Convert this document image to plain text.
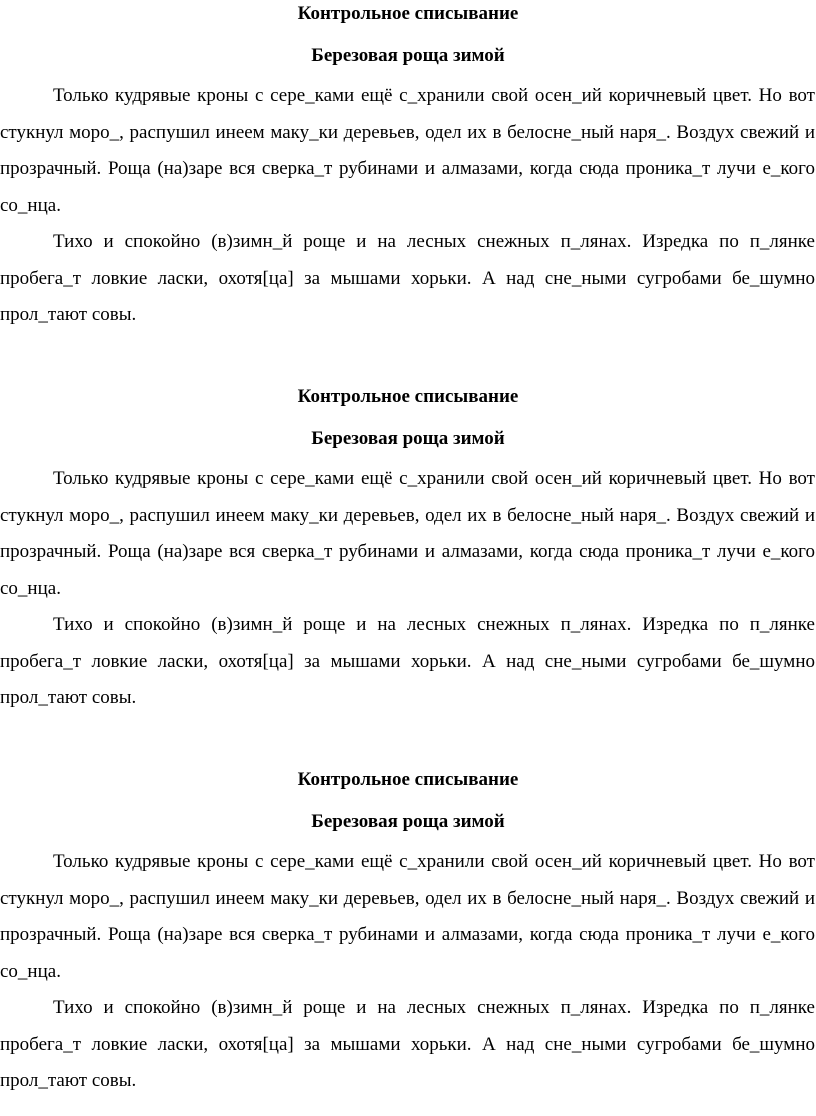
Контрольное списывание
Березовая роща зимой

Только кудрявые кроны с сере_ками ещё с_хранили свой осен_ий коричневый цвет. Но вот стукнул моро_, распушил инеем маку_ки деревьев, одел их в белосне_ный наря_. Воздух свежий и прозрачный. Роща (на)заре вся сверка_т рубинами и алмазами, когда сюда проника_т лучи е_кого со_нца.

Тихо и спокойно (в)зимн_й роще и на лесных снежных п_лянах. Изредка по п_лянке пробега_т ловкие ласки, охотя[ца] за мышами хорьки. А над сне_ными сугробами бе_шумно прол_тают совы.

Контрольное списывание
Березовая роща зимой

Только кудрявые кроны с сере_ками ещё с_хранили свой осен_ий коричневый цвет. Но вот стукнул моро_, распушил инеем маку_ки деревьев, одел их в белосне_ный наря_. Воздух свежий и прозрачный. Роща (на)заре вся сверка_т рубинами и алмазами, когда сюда проника_т лучи е_кого со_нца.

Тихо и спокойно (в)зимн_й роще и на лесных снежных п_лянах. Изредка по п_лянке пробега_т ловкие ласки, охотя[ца] за мышами хорьки. А над сне_ными сугробами бе_шумно прол_тают совы.

Контрольное списывание
Березовая роща зимой

Только кудрявые кроны с сере_ками ещё с_хранили свой осен_ий коричневый цвет. Но вот стукнул моро_, распушил инеем маку_ки деревьев, одел их в белосне_ный наря_. Воздух свежий и прозрачный. Роща (на)заре вся сверка_т рубинами и алмазами, когда сюда проника_т лучи е_кого со_нца.

Тихо и спокойно (в)зимн_й роще и на лесных снежных п_лянах. Изредка по п_лянке пробега_т ловкие ласки, охотя[ца] за мышами хорьки. А над сне_ными сугробами бе_шумно прол_тают совы.
